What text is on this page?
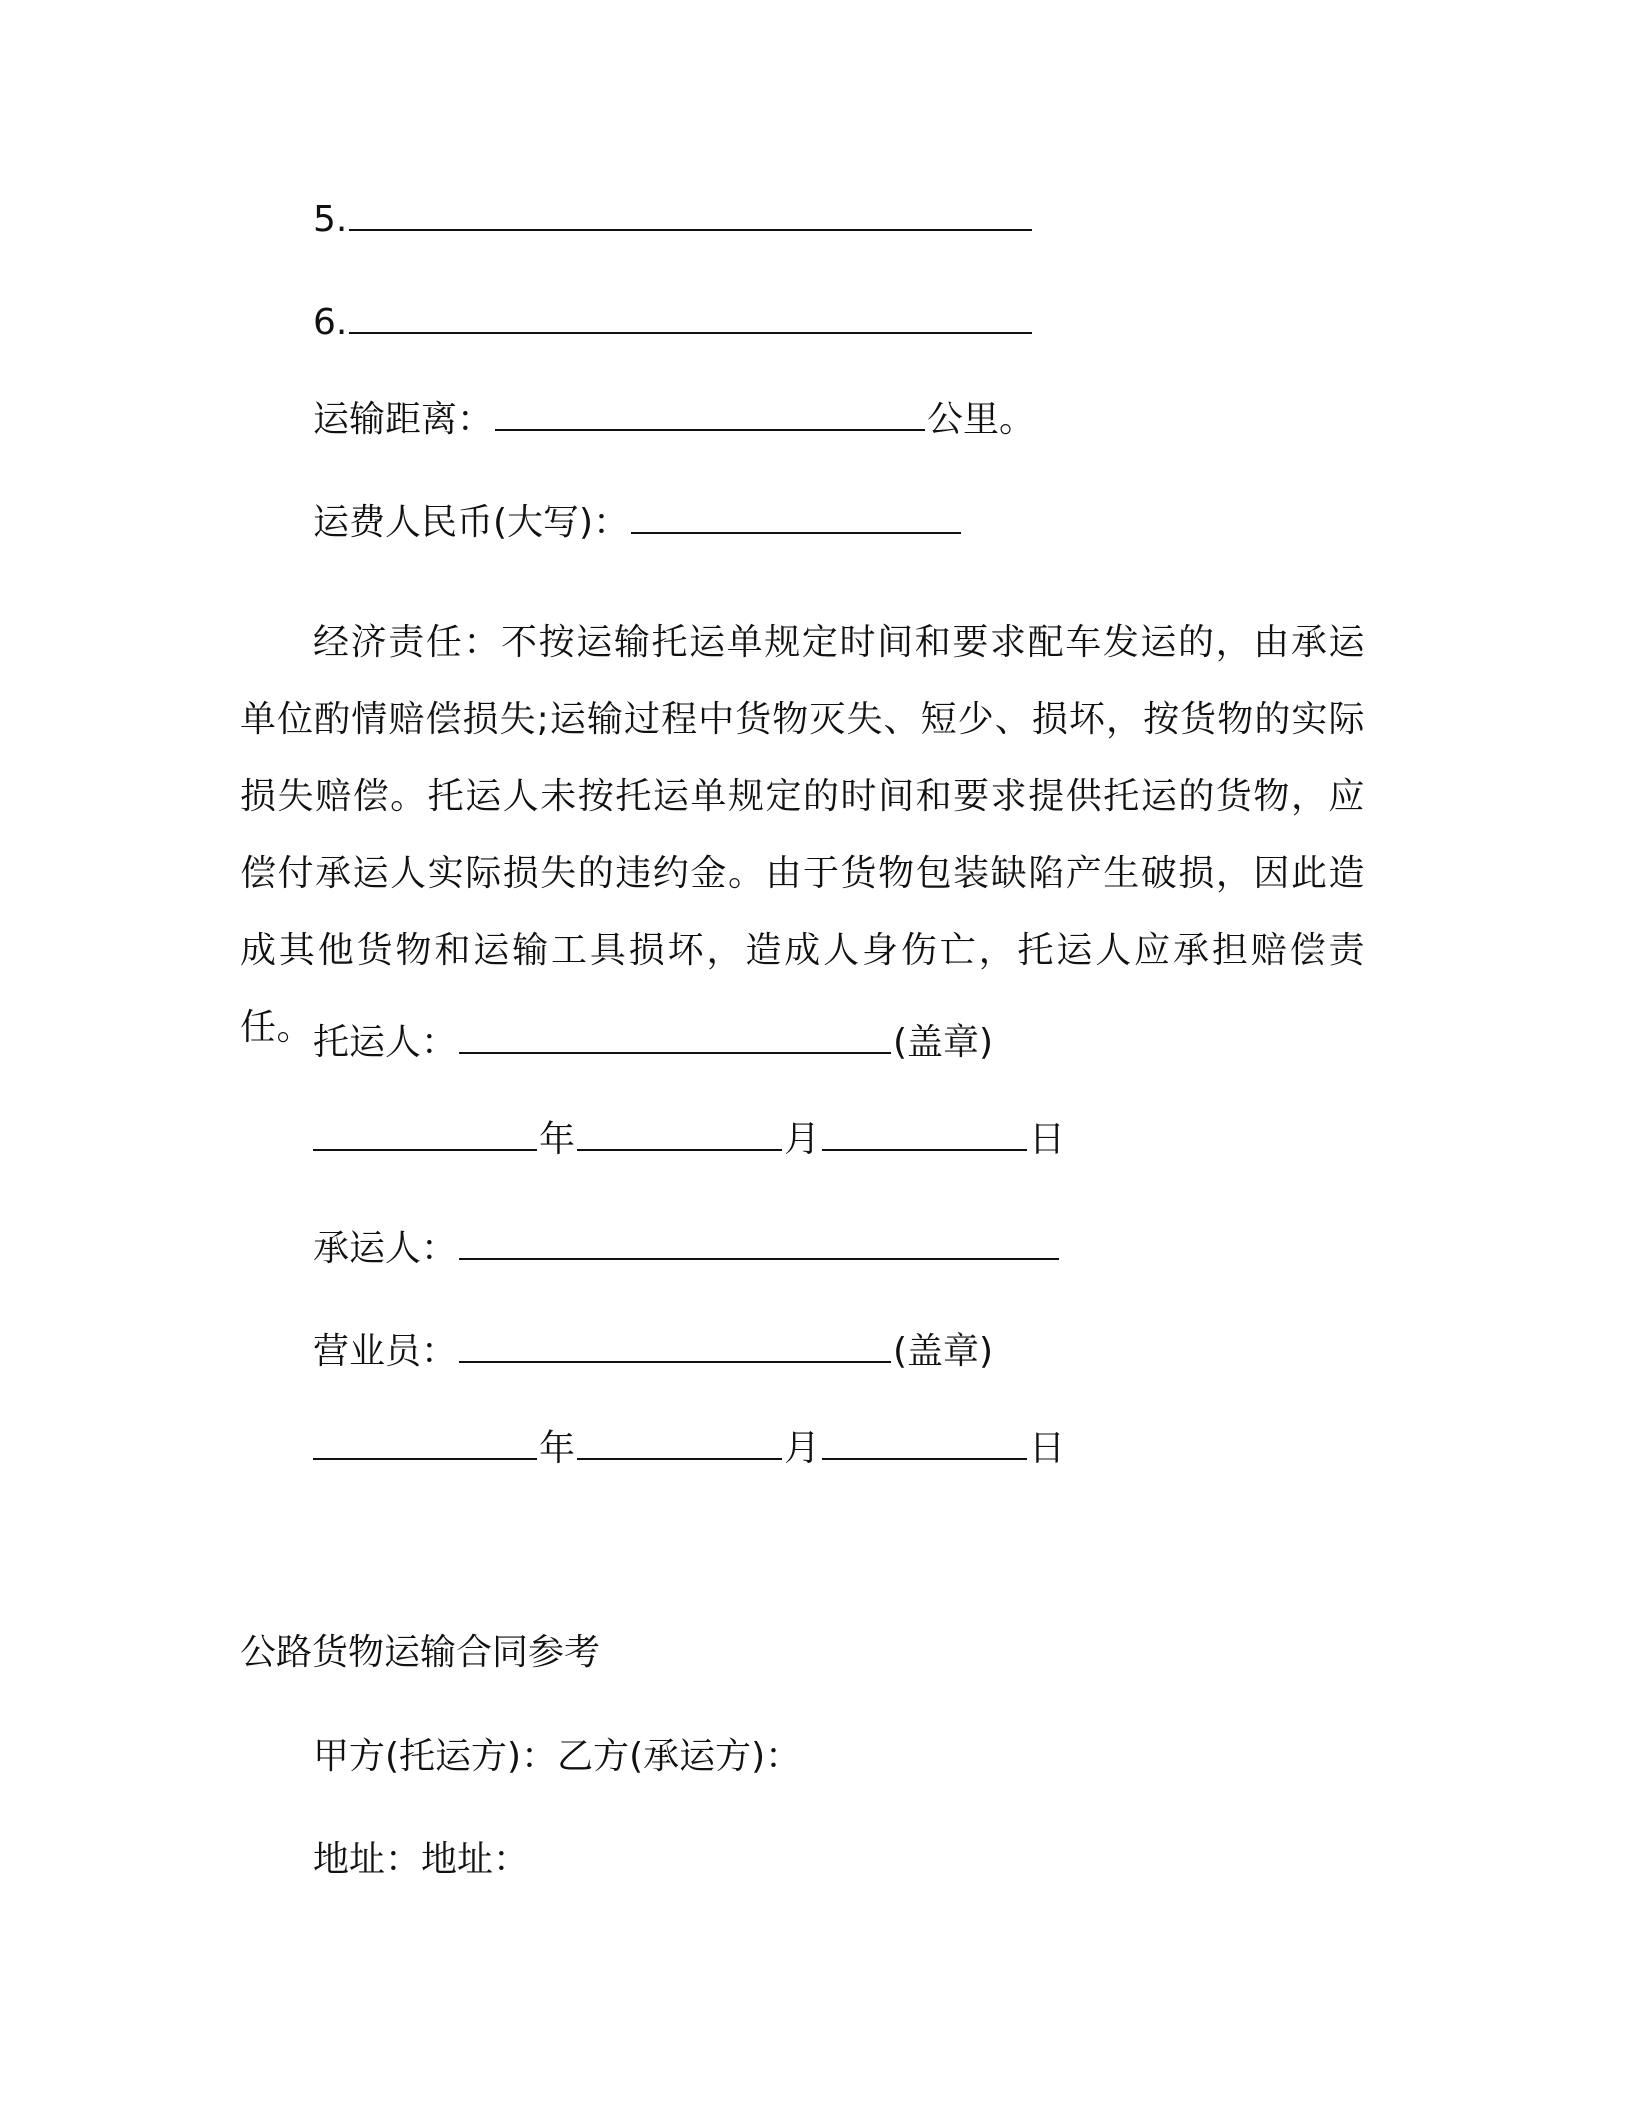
5.
6.
运输距离：	公里。
运费人民币(大写)：
经济责任：不按运输托运单规定时间和要求配车发运的，由承运单位酌情赔偿损失;运输过程中货物灭失、短少、损坏，按货物的实际损失赔偿。托运人未按托运单规定的时间和要求提供托运的货物，应偿付承运人实际损失的违约金。由于货物包装缺陷产生破损，因此造成其他货物和运输工具损坏，造成人身伤亡，托运人应承担赔偿责任。 托运人：	(盖章)
年	月	日
承运人：
营业员：	(盖章)
年	月	日
公路货物运输合同参考
甲方(托运方)：乙方(承运方)：
地址：地址：
